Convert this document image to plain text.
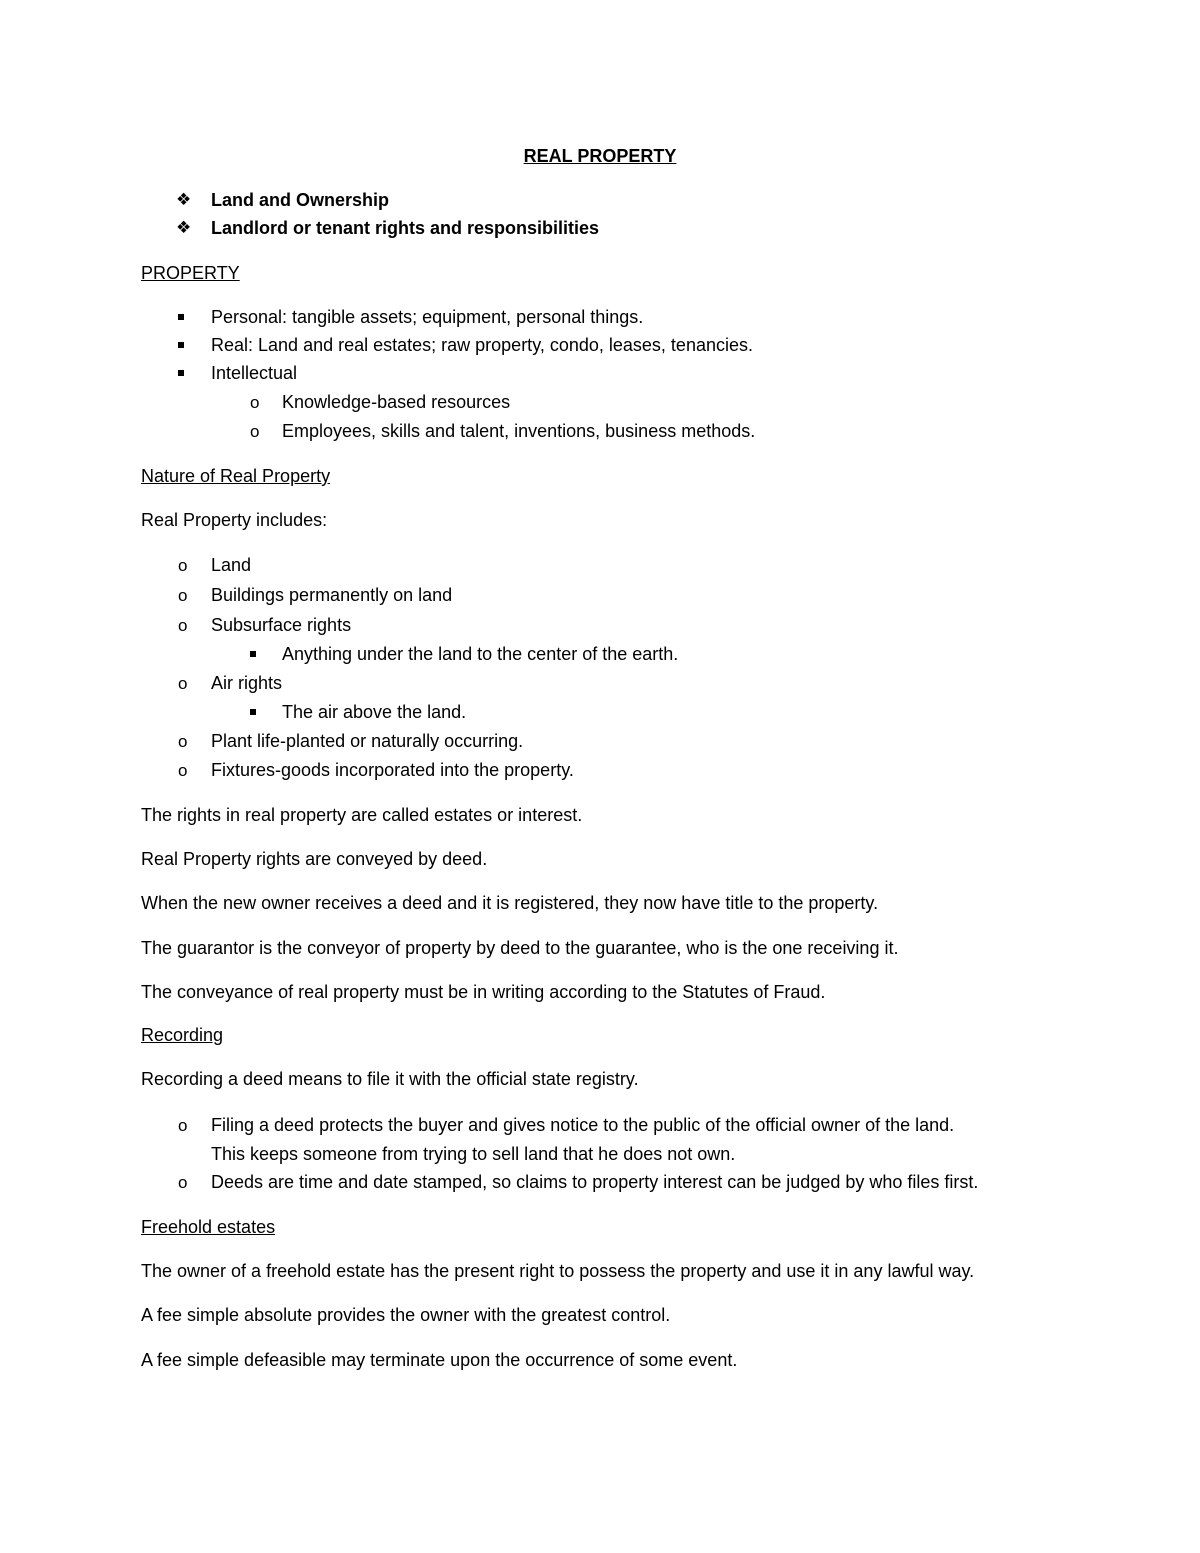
REAL PROPERTY
❖ Land and Ownership
❖ Landlord or tenant rights and responsibilities
PROPERTY
Personal: tangible assets; equipment, personal things.
Real: Land and real estates; raw property, condo, leases, tenancies.
Intellectual
o Knowledge-based resources
o Employees, skills and talent, inventions, business methods.
Nature of Real Property
Real Property includes:
o Land
o Buildings permanently on land
o Subsurface rights
Anything under the land to the center of the earth.
o Air rights
The air above the land.
o Plant life-planted or naturally occurring.
o Fixtures-goods incorporated into the property.
The rights in real property are called estates or interest.
Real Property rights are conveyed by deed.
When the new owner receives a deed and it is registered, they now have title to the property.
The guarantor is the conveyor of property by deed to the guarantee, who is the one receiving it.
The conveyance of real property must be in writing according to the Statutes of Fraud.
Recording
Recording a deed means to file it with the official state registry.
o Filing a deed protects the buyer and gives notice to the public of the official owner of the land.
This keeps someone from trying to sell land that he does not own.
o Deeds are time and date stamped, so claims to property interest can be judged by who files first.
Freehold estates
The owner of a freehold estate has the present right to possess the property and use it in any lawful way.
A fee simple absolute provides the owner with the greatest control.
A fee simple defeasible may terminate upon the occurrence of some event.
